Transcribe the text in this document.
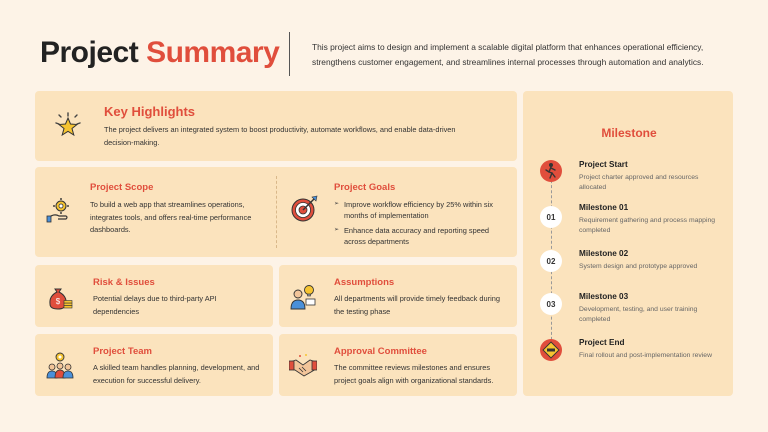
Project Summary	This project aims to design and implement a scalable digital platform that enhances operational efficiency, strengthens customer engagement, and streamlines internal processes through automation and analytics.

Key Highlights

The project delivers an integrated system to boost productivity, automate workflows, and enable data-driven decision-making.

Project Scope

To build a web app that streamlines operations, integrates tools, and offers real-time performance dashboards.

Project Goals
➢ Improve workflow efficiency by 25% within six months of implementation
➢ Enhance data accuracy and reporting speed across departments
$
Risk & Issues

Potential delays due to third-party API dependencies

Assumptions

All departments will provide timely feedback during the testing phase

Project Team

A skilled team handles planning, development, and execution for successful delivery.

Approval Committee

The committee reviews milestones and ensures project goals align with organizational standards.

Milestone

Project Start

Project charter approved and resources allocated

01

Milestone 01

Requirement gathering and process mapping completed

02

Milestone 02

System design and prototype approved

03

Milestone 03

Development, testing, and user training completed

Project End

Final rollout and post-implementation review
